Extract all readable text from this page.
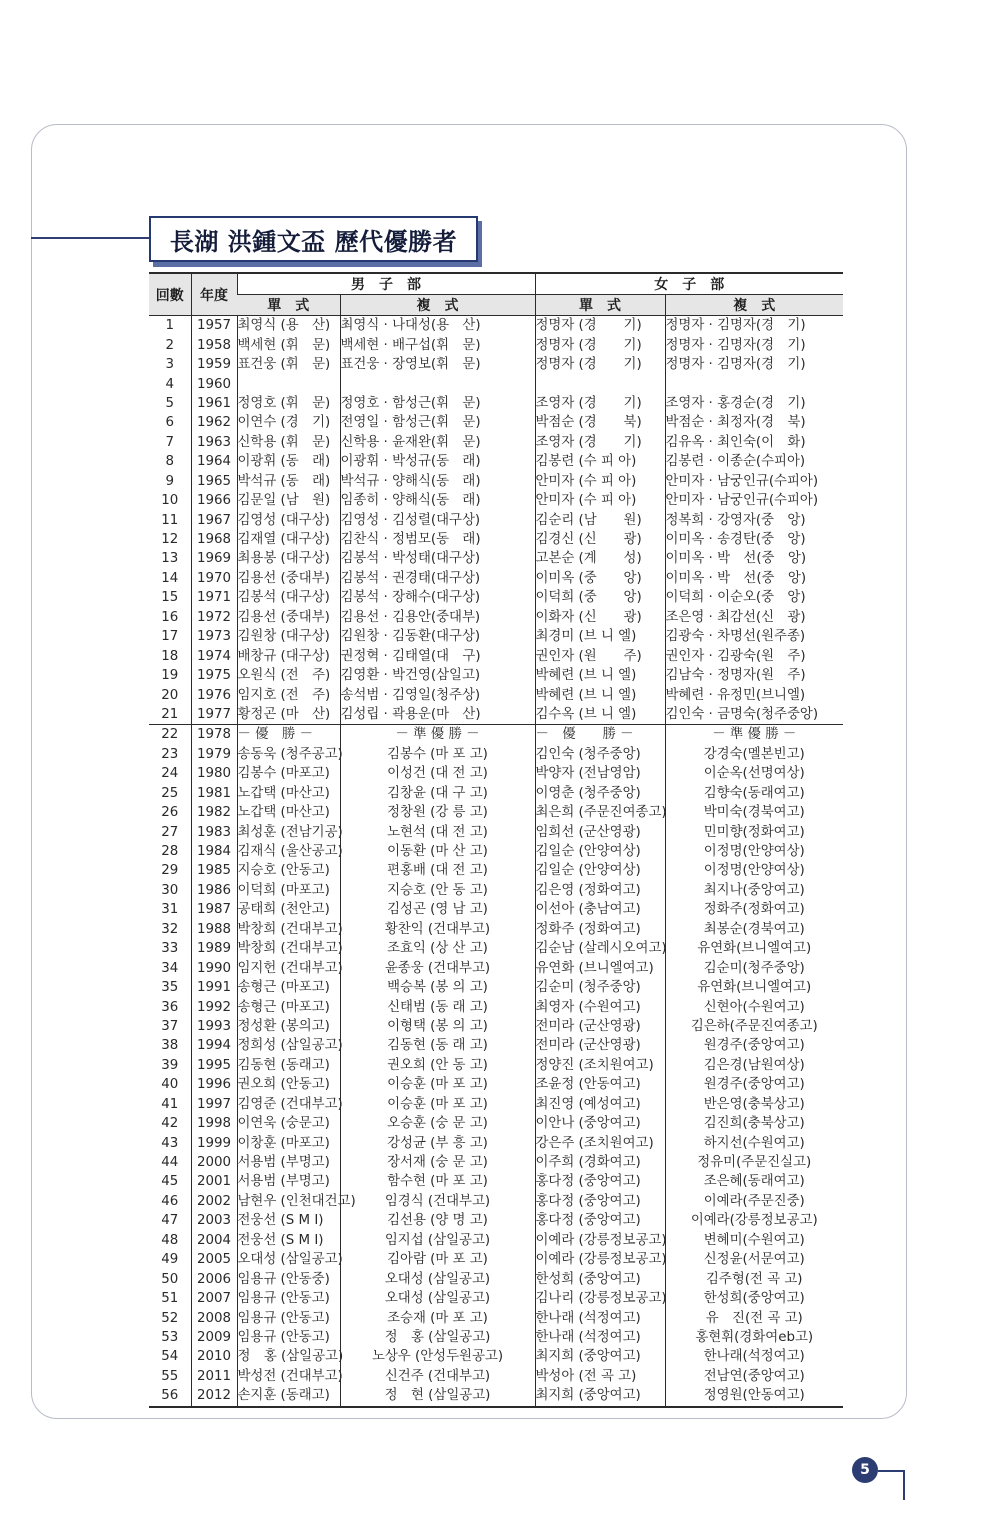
長湖 洪鍾文盃 歷代優勝者
回數	年度	男　子　部		女　子　部	
		單　式	複　式	單　式	複　式
1	1957	최영식 (용　산)	최영식 · 나대성(용　산)	정명자 (경　　기)	정명자 · 김명자(경　기)
2	1958	백세현 (휘　문)	백세현 · 배구섭(휘　문)	정명자 (경　　기)	정명자 · 김명자(경　기)
3	1959	표건웅 (휘　문)	표건웅 · 장영보(휘　문)	정명자 (경　　기)	정명자 · 김명자(경　기)
4	1960				
5	1961	정영호 (휘　문)	정영호 · 함성근(휘　문)	조영자 (경　　기)	조영자 · 홍경순(경　기)
6	1962	이연수 (경　기)	전영일 · 함성근(휘　문)	박점순 (경　　북)	박점순 · 최정자(경　북)
7	1963	신학용 (휘　문)	신학용 · 윤재완(휘　문)	조영자 (경　　기)	김유옥 · 최인숙(이　화)
8	1964	이광휘 (동　래)	이광휘 · 박성규(동　래)	김봉련 (수 피 아)	김봉련 · 이종순(수피아)
9	1965	박석규 (동　래)	박석규 · 양해식(동　래)	안미자 (수 피 아)	안미자 · 남궁인규(수피아)
10	1966	김문일 (남　원)	임종히 · 양해식(동　래)	안미자 (수 피 아)	안미자 · 남궁인규(수피아)
11	1967	김영성 (대구상)	김영성 · 김성렬(대구상)	김순리 (남　　원)	정복희 · 강영자(중　앙)
12	1968	김재열 (대구상)	김찬식 · 정범모(동　래)	김경신 (신　　광)	이미옥 · 송경탄(중　앙)
13	1969	최용봉 (대구상)	김봉석 · 박성태(대구상)	고본순 (계　　성)	이미옥 · 박　선(중　앙)
14	1970	김용선 (중대부)	김봉석 · 권경태(대구상)	이미옥 (중　　앙)	이미옥 · 박　선(중　앙)
15	1971	김봉석 (대구상)	김봉석 · 장해수(대구상)	이덕희 (중　　앙)	이덕희 · 이순오(중　앙)
16	1972	김용선 (중대부)	김용선 · 김용안(중대부)	이화자 (신　　광)	조은영 · 최감선(신　광)
17	1973	김원창 (대구상)	김원창 · 김동환(대구상)	최경미 (브 니 엘)	김광숙 · 차명선(원주종)
18	1974	배창규 (대구상)	권정혁 · 김태열(대　구)	권인자 (원　　주)	권인자 · 김광숙(원　주)
19	1975	오원식 (전　주)	김영환 · 박건영(삼일고)	박혜련 (브 니 엘)	김남숙 · 정명자(원　주)
20	1976	임지호 (전　주)	송석범 · 김영일(청주상)	박혜련 (브 니 엘)	박혜련 · 유정민(브니엘)
21	1977	황정곤 (마　산)	김성립 · 곽용운(마　산)	김수옥 (브 니 엘)	김인숙 · 금명숙(청주중앙)
22	1978	－ 優　勝 －	－ 準 優 勝 －	－　優　　勝 －	－ 準 優 勝 －
23	1979	송동욱 (청주공고)	김봉수 (마 포 고)	김인숙 (청주중앙)	강경숙(멜본빈고)
24	1980	김봉수 (마포고)	이성건 (대 전 고)	박양자 (전남영암)	이순옥(선명여상)
25	1981	노갑택 (마산고)	김창윤 (대 구 고)	이영춘 (청주중앙)	김향숙(동래여고)
26	1982	노갑택 (마산고)	정창원 (강 릉 고)	최은희 (주문진여종고)	박미숙(경북여고)
27	1983	최성훈 (전남기공)	노현석 (대 전 고)	임희선 (군산영광)	민미향(정화여고)
28	1984	김재식 (울산공고)	이동환 (마 산 고)	김일순 (안양여상)	이정명(안양여상)
29	1985	지승호 (안동고)	편홍배 (대 전 고)	김일순 (안양여상)	이정명(안양여상)
30	1986	이덕희 (마포고)	지승호 (안 동 고)	김은영 (정화여고)	최지나(중앙여고)
31	1987	공태희 (천안고)	김성곤 (영 남 고)	이선아 (충남여고)	정화주(정화여고)
32	1988	박창희 (건대부고)	황찬익 (건대부고)	정화주 (정화여고)	최봉순(경북여고)
33	1989	박창희 (건대부고)	조효익 (상 산 고)	김순남 (살레시오여고)	유연화(브니엘여고)
34	1990	임지헌 (건대부고)	윤종웅 (건대부고)	유연화 (브니엘여고)	김순미(청주중앙)
35	1991	송형근 (마포고)	백승복 (봉 의 고)	김순미 (청주중앙)	유연화(브니엘여고)
36	1992	송형근 (마포고)	신태범 (동 래 고)	최영자 (수원여고)	신현아(수원여고)
37	1993	정성환 (봉의고)	이형택 (봉 의 고)	전미라 (군산영광)	김은하(주문진여종고)
38	1994	정희성 (삼일공고)	김동현 (동 래 고)	전미라 (군산영광)	원경주(중앙여고)
39	1995	김동현 (동래고)	권오희 (안 동 고)	정양진 (조치원여고)	김은경(남원여상)
40	1996	권오희 (안동고)	이승훈 (마 포 고)	조윤정 (안동여고)	원경주(중앙여고)
41	1997	김영준 (건대부고)	이승훈 (마 포 고)	최진영 (예성여고)	반은영(충북상고)
42	1998	이연욱 (숭문고)	오승훈 (숭 문 고)	이안나 (중앙여고)	김진희(충북상고)
43	1999	이창훈 (마포고)	강성균 (부 흥 고)	강은주 (조치원여고)	하지선(수원여고)
44	2000	서용범 (부명고)	장서재 (숭 문 고)	이주희 (경화여고)	정유미(주문진실고)
45	2001	서용범 (부명고)	함수현 (마 포 고)	홍다정 (중앙여고)	조은혜(동래여고)
46	2002	남현우 (인천대건고)	임경식 (건대부고)	홍다정 (중앙여고)	이예라(주문진중)
47	2003	전웅선 (S M I)	김선용 (양 명 고)	홍다정 (중앙여고)	이예라(강릉정보공고)
48	2004	전웅선 (S M I)	임지섭 (삼일공고)	이예라 (강릉정보공고)	변혜미(수원여고)
49	2005	오대성 (삼일공고)	김아람 (마 포 고)	이예라 (강릉정보공고)	신정윤(서문여고)
50	2006	임용규 (안동중)	오대성 (삼일공고)	한성희 (중앙여고)	김주형(전 곡 고)
51	2007	임용규 (안동고)	오대성 (삼일공고)	김나리 (강릉정보공고)	한성희(중앙여고)
52	2008	임용규 (안동고)	조승재 (마 포 고)	한나래 (석정여고)	유　진(전 곡 고)
53	2009	임용규 (안동고)	정　홍 (삼일공고)	한나래 (석정여고)	홍현휘(경화여eb고)
54	2010	정　홍 (삼일공고)	노상우 (안성두원공고)	최지희 (중앙여고)	한나래(석정여고)
55	2011	박성전 (건대부고)	신건주 (건대부고)	박성아 (전 곡 고)	전남연(중앙여고)
56	2012	손지훈 (동래고)	정　현 (삼일공고)	최지희 (중앙여고)	정영원(안동여고)
5
